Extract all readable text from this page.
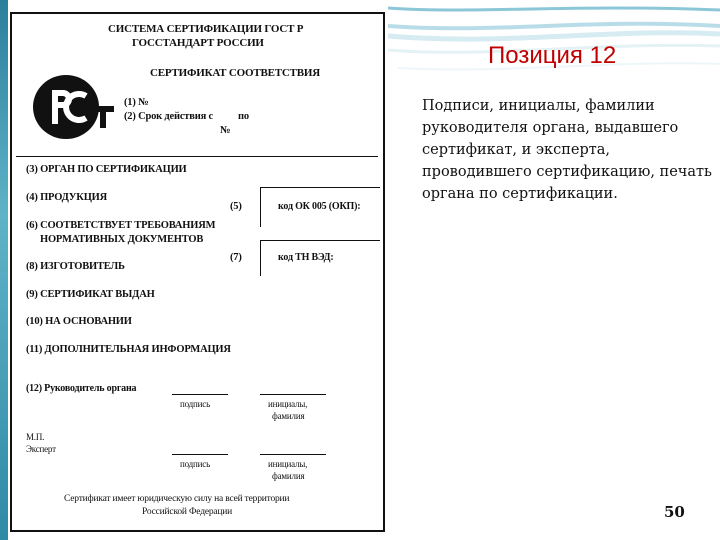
СИСТЕМА СЕРТИФИКАЦИИ ГОСТ Р
ГОССТАНДАРТ РОССИИ
СЕРТИФИКАТ СООТВЕТСТВИЯ
(1) №
(2) Срок действия с по
№
(3) ОРГАН ПО СЕРТИФИКАЦИИ
(4) ПРОДУКЦИЯ
(5)	код ОК 005 (ОКП):
(6) СООТВЕТСТВУЕТ ТРЕБОВАНИЯМ
НОРМАТИВНЫХ ДОКУМЕНТОВ
(7)	код ТН ВЭД:
(8) ИЗГОТОВИТЕЛЬ
(9) СЕРТИФИКАТ ВЫДАН
(10) НА ОСНОВАНИИ
(11) ДОПОЛНИТЕЛЬНАЯ ИНФОРМАЦИЯ
(12) Руководитель органа
подпись	инициалы,
фамилия
М.П.
Эксперт
подпись	инициалы,
фамилия
Сертификат имеет юридическую силу на всей территории
Российской Федерации
Позиция 12
Подписи, инициалы, фамилии руководителя органа, выдавшего сертификат, и эксперта, проводившего сертификацию, печать органа по сертификации.
50
